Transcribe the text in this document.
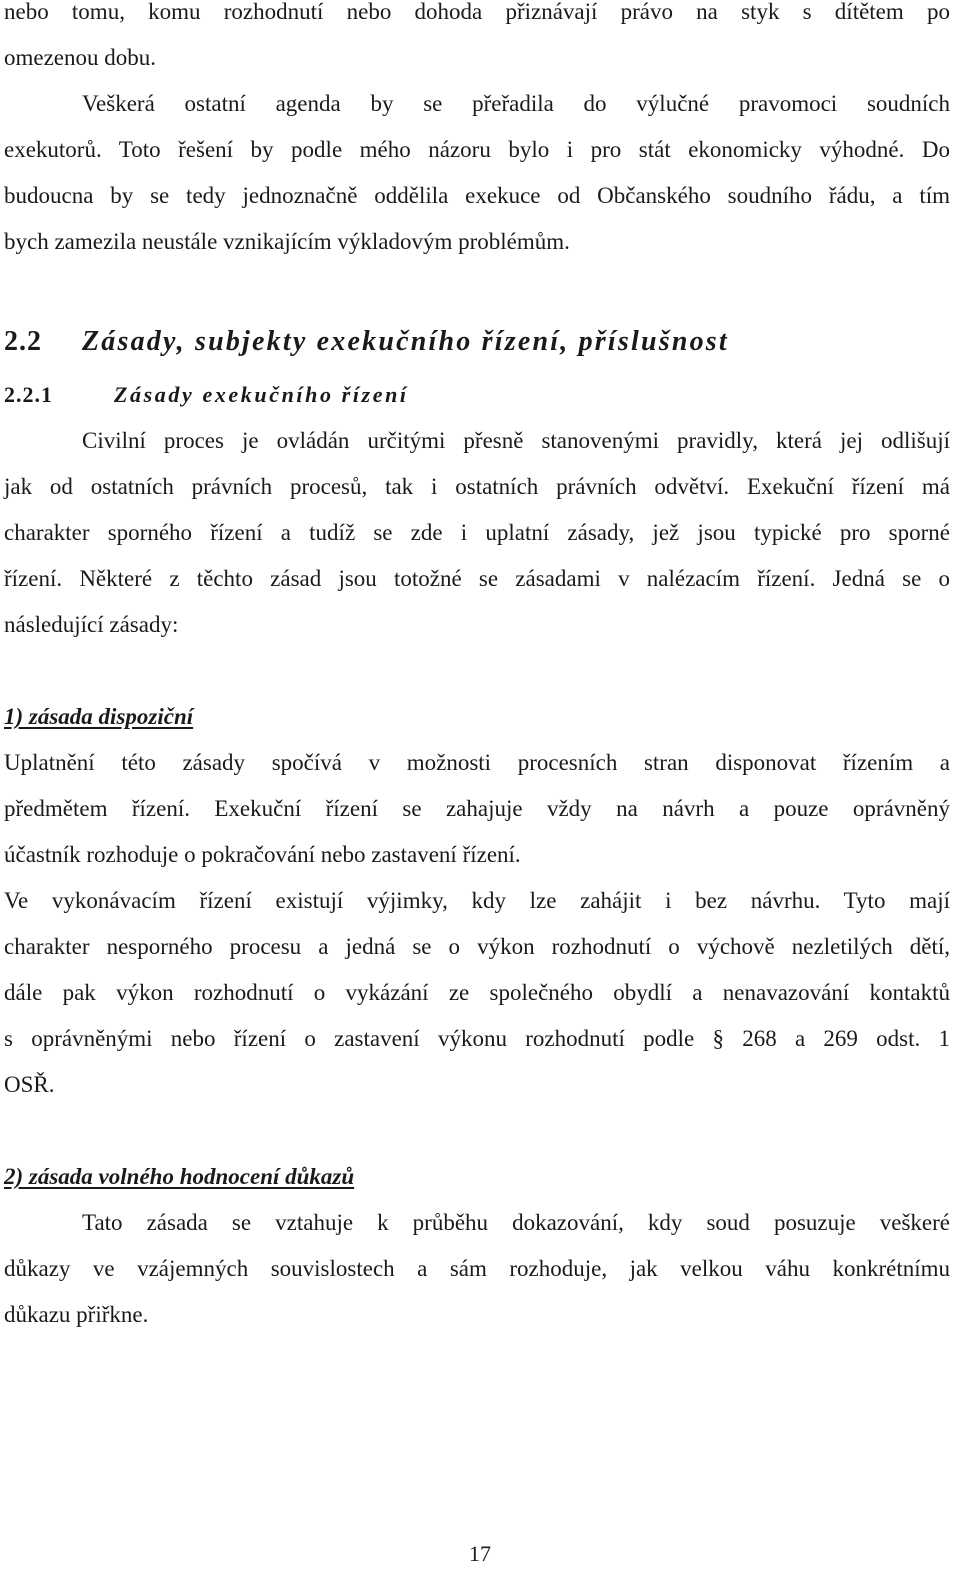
nebo tomu, komu rozhodnutí nebo dohoda přiznávají právo na styk s dítětem po
omezenou dobu.
Veškerá ostatní agenda by se přeřadila do výlučné pravomoci soudních
exekutorů. Toto řešení by podle mého názoru bylo i pro stát ekonomicky výhodné. Do
budoucna by se tedy jednoznačně oddělila exekuce od Občanského soudního řádu, a tím
bych zamezila neustále vznikajícím výkladovým problémům.
2.2 Zásady, subjekty exekučního řízení, příslušnost
2.2.1	Zásady exekučního řízení
Civilní proces je ovládán určitými přesně stanovenými pravidly, která jej odlišují
jak od ostatních právních procesů, tak i ostatních právních odvětví. Exekuční řízení má
charakter sporného řízení a tudíž se zde i uplatní zásady, jež jsou typické pro sporné
řízení. Některé z těchto zásad jsou totožné se zásadami v nalézacím řízení. Jedná se o
následující zásady:
1) zásada dispoziční
Uplatnění této zásady spočívá v možnosti procesních stran disponovat řízením a
předmětem řízení. Exekuční řízení se zahajuje vždy na návrh a pouze oprávněný
účastník rozhoduje o pokračování nebo zastavení řízení.
Ve vykonávacím řízení existují výjimky, kdy lze zahájit i bez návrhu. Tyto mají
charakter nesporného procesu a jedná se o výkon rozhodnutí o výchově nezletilých dětí,
dále pak výkon rozhodnutí o vykázání ze společného obydlí a nenavazování kontaktů
s oprávněnými nebo řízení o zastavení výkonu rozhodnutí podle § 268 a 269 odst. 1
OSŘ.
2) zásada volného hodnocení důkazů
Tato zásada se vztahuje k průběhu dokazování, kdy soud posuzuje veškeré
důkazy ve vzájemných souvislostech a sám rozhoduje, jak velkou váhu konkrétnímu
důkazu přiřkne.
17
